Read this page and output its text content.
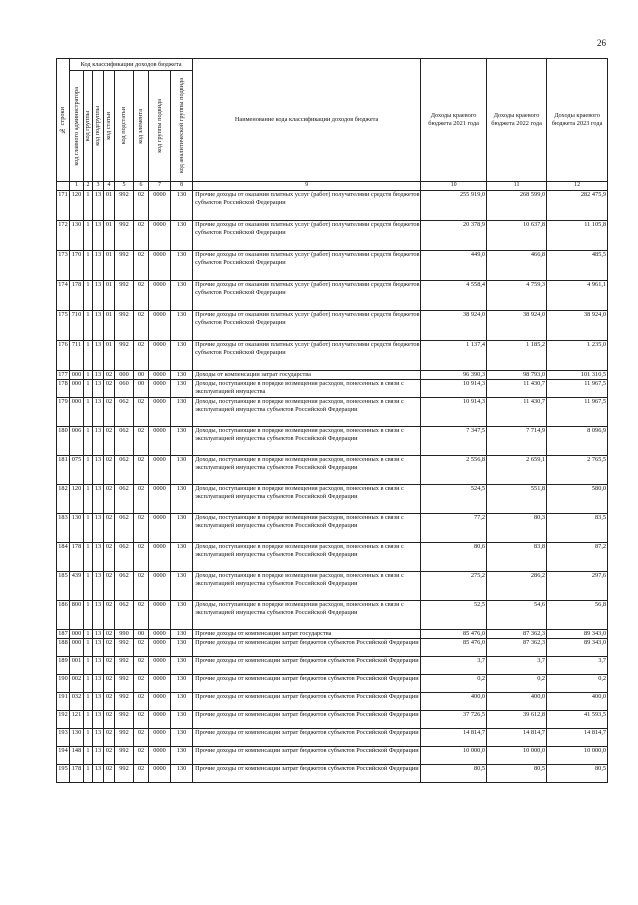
26
№ строки	Код классификации доходов бюджета								Наименование кода классификации доходов бюджета	Доходы краевого бюджета 2021 года	Доходы краевого бюджета 2022 года	Доходы краевого бюджета 2023 года

	код главного администратора	код группы	код подгруппы	код статьи	код подстатьи	код элемента	код группы подвида	код аналитической группы подвида				

	1	2	3	4	5	6	7	8	9	10	11	12
171	120	1	13	01	992	02	0000	130	Прочие доходы от оказания платных услуг (работ) получателями средств бюджетов субъектов Российской Федерации	255 919,0	268 599,0	282 475,9
172	130	1	13	01	992	02	0000	130	Прочие доходы от оказания платных услуг (работ) получателями средств бюджетов субъектов Российской Федерации	20 378,9	10 637,8	11 105,8
173	170	1	13	01	992	02	0000	130	Прочие доходы от оказания платных услуг (работ) получателями средств бюджетов субъектов Российской Федерации	449,0	466,8	485,5
174	178	1	13	01	992	02	0000	130	Прочие доходы от оказания платных услуг (работ) получателями средств бюджетов субъектов Российской Федерации	4 558,4	4 759,3	4 961,1
175	710	1	13	01	992	02	0000	130	Прочие доходы от оказания платных услуг (работ) получателями средств бюджетов субъектов Российской Федерации	38 924,0	38 924,0	38 924,0
176	711	1	13	01	992	02	0000	130	Прочие доходы от оказания платных услуг (работ) получателями средств бюджетов субъектов Российской Федерации	1 137,4	1 185,2	1 235,0
177	000	1	13	02	000	00	0000	130	Доходы от компенсации затрат государства	96 390,3	98 793,0	101 310,5
178	000	1	13	02	060	00	0000	130	Доходы, поступающие в порядке возмещения расходов, понесенных в связи с эксплуатацией имущества	10 914,3	11 430,7	11 967,5
179	000	1	13	02	062	02	0000	130	Доходы, поступающие в порядке возмещения расходов, понесенных в связи с эксплуатацией имущества субъектов Российской Федерации	10 914,3	11 430,7	11 967,5
180	006	1	13	02	062	02	0000	130	Доходы, поступающие в порядке возмещения расходов, понесенных в связи с эксплуатацией имущества субъектов Российской Федерации	7 347,5	7 714,9	8 096,9
181	075	1	13	02	062	02	0000	130	Доходы, поступающие в порядке возмещения расходов, понесенных в связи с эксплуатацией имущества субъектов Российской Федерации	2 556,8	2 659,1	2 765,5
182	120	1	13	02	062	02	0000	130	Доходы, поступающие в порядке возмещения расходов, понесенных в связи с эксплуатацией имущества субъектов Российской Федерации	524,5	551,8	580,0
183	130	1	13	02	062	02	0000	130	Доходы, поступающие в порядке возмещения расходов, понесенных в связи с эксплуатацией имущества субъектов Российской Федерации	77,2	80,3	83,5
184	178	1	13	02	062	02	0000	130	Доходы, поступающие в порядке возмещения расходов, понесенных в связи с эксплуатацией имущества субъектов Российской Федерации	80,6	83,8	87,2
185	439	1	13	02	062	02	0000	130	Доходы, поступающие в порядке возмещения расходов, понесенных в связи с эксплуатацией имущества субъектов Российской Федерации	275,2	286,2	297,6
186	800	1	13	02	062	02	0000	130	Доходы, поступающие в порядке возмещения расходов, понесенных в связи с эксплуатацией имущества субъектов Российской Федерации	52,5	54,6	56,8
187	000	1	13	02	990	00	0000	130	Прочие доходы от компенсации затрат государства	85 476,0	87 362,3	89 343,0
188	000	1	13	02	992	02	0000	130	Прочие доходы от компенсации затрат бюджетов субъектов Российской Федерации	85 476,0	87 362,3	89 343,0
189	001	1	13	02	992	02	0000	130	Прочие доходы от компенсации затрат бюджетов субъектов Российской Федерации	3,7	3,7	3,7
190	002	1	13	02	992	02	0000	130	Прочие доходы от компенсации затрат бюджетов субъектов Российской Федерации	0,2	0,2	0,2
191	032	1	13	02	992	02	0000	130	Прочие доходы от компенсации затрат бюджетов субъектов Российской Федерации	400,0	400,0	400,0
192	121	1	13	02	992	02	0000	130	Прочие доходы от компенсации затрат бюджетов субъектов Российской Федерации	37 726,5	39 612,8	41 593,5
193	130	1	13	02	992	02	0000	130	Прочие доходы от компенсации затрат бюджетов субъектов Российской Федерации	14 814,7	14 814,7	14 814,7
194	148	1	13	02	992	02	0000	130	Прочие доходы от компенсации затрат бюджетов субъектов Российской Федерации	10 000,0	10 000,0	10 000,0
195	178	1	13	02	992	02	0000	130	Прочие доходы от компенсации затрат бюджетов субъектов Российской Федерации	80,5	80,5	80,5
